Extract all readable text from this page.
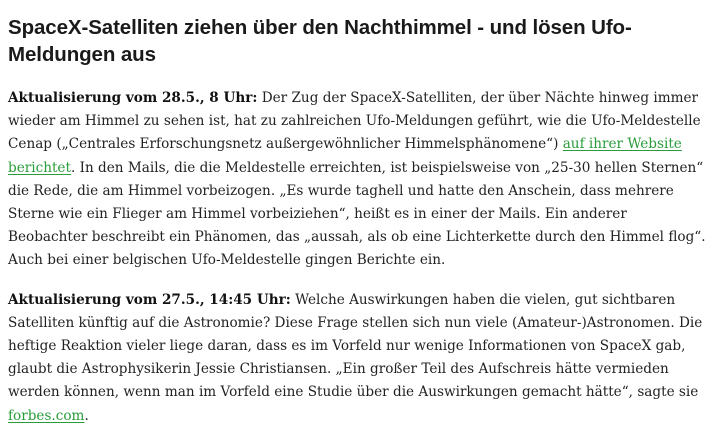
SpaceX-Satelliten ziehen über den Nachthimmel - und lösen Ufo-Meldungen aus

Aktualisierung vom 28.5., 8 Uhr: Der Zug der SpaceX-Satelliten, der über Nächte hinweg immer wieder am Himmel zu sehen ist, hat zu zahlreichen Ufo-Meldungen geführt, wie die Ufo-Meldestelle Cenap („Centrales Erforschungsnetz außergewöhnlicher Himmelsphänomene“) auf ihrer Website berichtet. In den Mails, die die Meldestelle erreichten, ist beispielsweise von „25-30 hellen Sternen“ die Rede, die am Himmel vorbeizogen. „Es wurde taghell und hatte den Anschein, dass mehrere Sterne wie ein Flieger am Himmel vorbeiziehen“, heißt es in einer der Mails. Ein anderer Beobachter beschreibt ein Phänomen, das „aussah, als ob eine Lichterkette durch den Himmel flog“. Auch bei einer belgischen Ufo-Meldestelle gingen Berichte ein.

Aktualisierung vom 27.5., 14:45 Uhr: Welche Auswirkungen haben die vielen, gut sichtbaren Satelliten künftig auf die Astronomie? Diese Frage stellen sich nun viele (Amateur-)Astronomen. Die heftige Reaktion vieler liege daran, dass es im Vorfeld nur wenige Informationen von SpaceX gab, glaubt die Astrophysikerin Jessie Christiansen. „Ein großer Teil des Aufschreis hätte vermieden werden können, wenn man im Vorfeld eine Studie über die Auswirkungen gemacht hätte“, sagte sie forbes.com.
